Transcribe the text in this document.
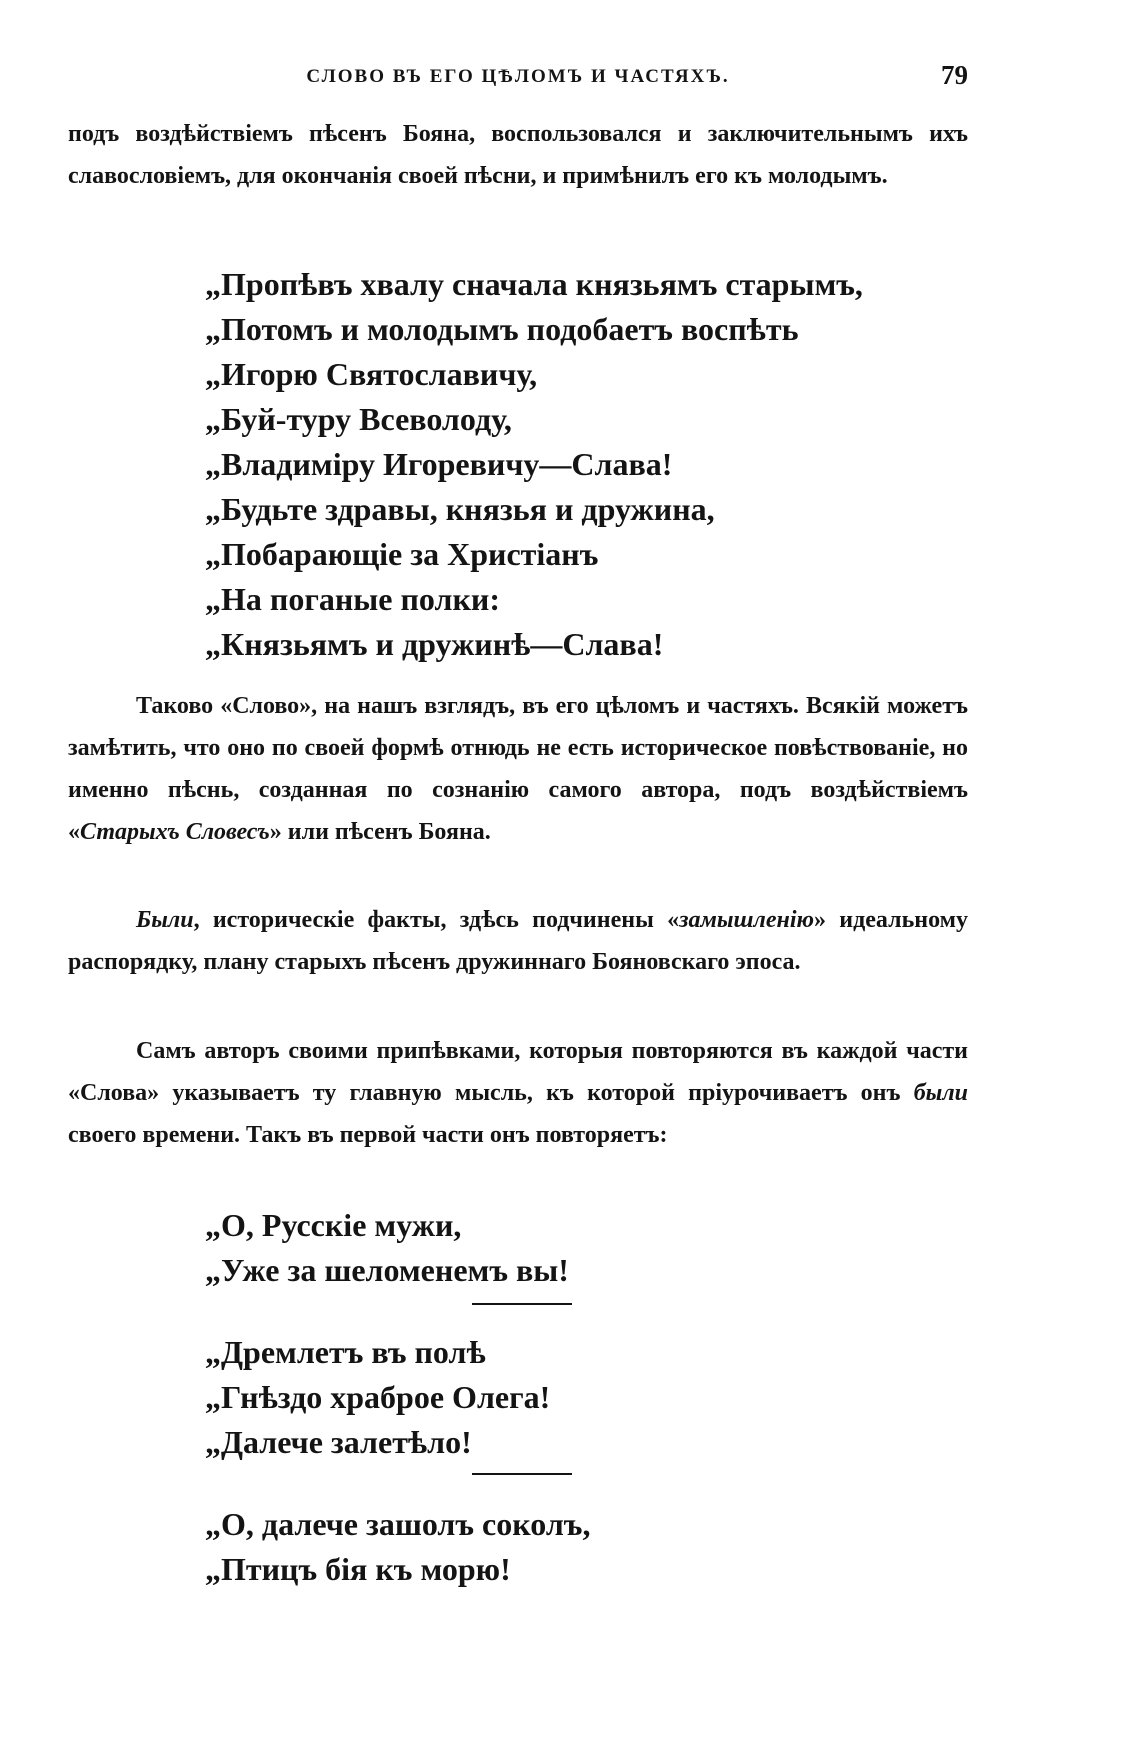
СЛОВО ВЪ ЕГО ЦѢЛОМЪ И ЧАСТЯХЪ.	79

подъ воздѣйствіемъ пѣсенъ Бояна, воспользовался и заключительнымъ ихъ славословіемъ, для окончанія своей пѣсни, и примѣнилъ его къ молодымъ.

„Пропѣвъ хвалу сначала князьямъ старымъ,
„Потомъ и молодымъ подобаетъ воспѣть
„Игорю Святославичу,
„Буй-туру Всеволоду,
„Владиміру Игоревичу—Слава!
„Будьте здравы, князья и дружина,
„Побарающіе за Христіанъ
„На поганые полки:
„Князьямъ и дружинѣ—Слава!

Таково «Слово», на нашъ взглядъ, въ его цѣломъ и частяхъ. Всякій можетъ замѣтить, что оно по своей формѣ отнюдь не есть историческое повѣствованіе, но именно пѣснь, созданная по сознанію самого автора, подъ воздѣйствіемъ «Старыхъ Словесъ» или пѣсенъ Бояна.

Были, историческіе факты, здѣсь подчинены «замышленію» идеальному распорядку, плану старыхъ пѣсенъ дружиннаго Бояновскаго эпоса.

Самъ авторъ своими припѣвками, которыя повторяются въ каждой части «Слова» указываетъ ту главную мысль, къ которой пріурочиваетъ онъ были своего времени. Такъ въ первой части онъ повторяетъ:

„О, Русскіе мужи,
„Уже за шеломенемъ вы!
„Дремлетъ въ полѣ
„Гнѣздо храброе Олега!
„Далече залетѣло!
„О, далече зашолъ соколъ,
„Птицъ бія къ морю!
